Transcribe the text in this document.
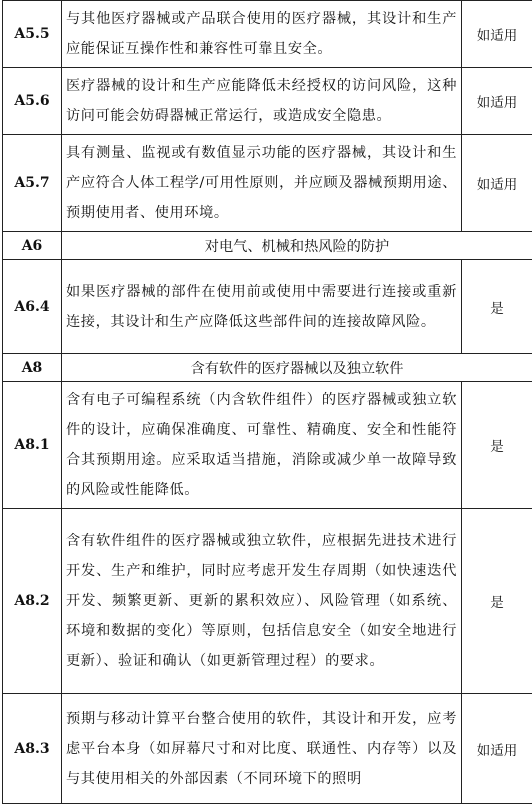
A5.5	与其他医疗器械或产品联合使用的医疗器械，其设计和生产应能保证互操作性和兼容性可靠且安全。	如适用
A5.6	医疗器械的设计和生产应能降低未经授权的访问风险，这种访问可能会妨碍器械正常运行，或造成安全隐患。	如适用
A5.7	具有测量、监视或有数值显示功能的医疗器械，其设计和生产应符合人体工程学/可用性原则，并应顾及器械预期用途、预期使用者、使用环境。	如适用
A6	对电气、机械和热风险的防护	
A6.4	如果医疗器械的部件在使用前或使用中需要进行连接或重新连接，其设计和生产应降低这些部件间的连接故障风险。	是
A8	含有软件的医疗器械以及独立软件	
A8.1	含有电子可编程系统（内含软件组件）的医疗器械或独立软件的设计，应确保准确度、可靠性、精确度、安全和性能符合其预期用途。应采取适当措施，消除或减少单一故障导致的风险或性能降低。	是
A8.2	含有软件组件的医疗器械或独立软件，应根据先进技术进行开发、生产和维护，同时应考虑开发生存周期（如快速迭代开发、频繁更新、更新的累积效应）、风险管理（如系统、环境和数据的变化）等原则，包括信息安全（如安全地进行更新）、验证和确认（如更新管理过程）的要求。	是
A8.3	预期与移动计算平台整合使用的软件，其设计和开发，应考虑平台本身（如屏幕尺寸和对比度、联通性、内存等）以及与其使用相关的外部因素（不同环境下的照明	如适用
